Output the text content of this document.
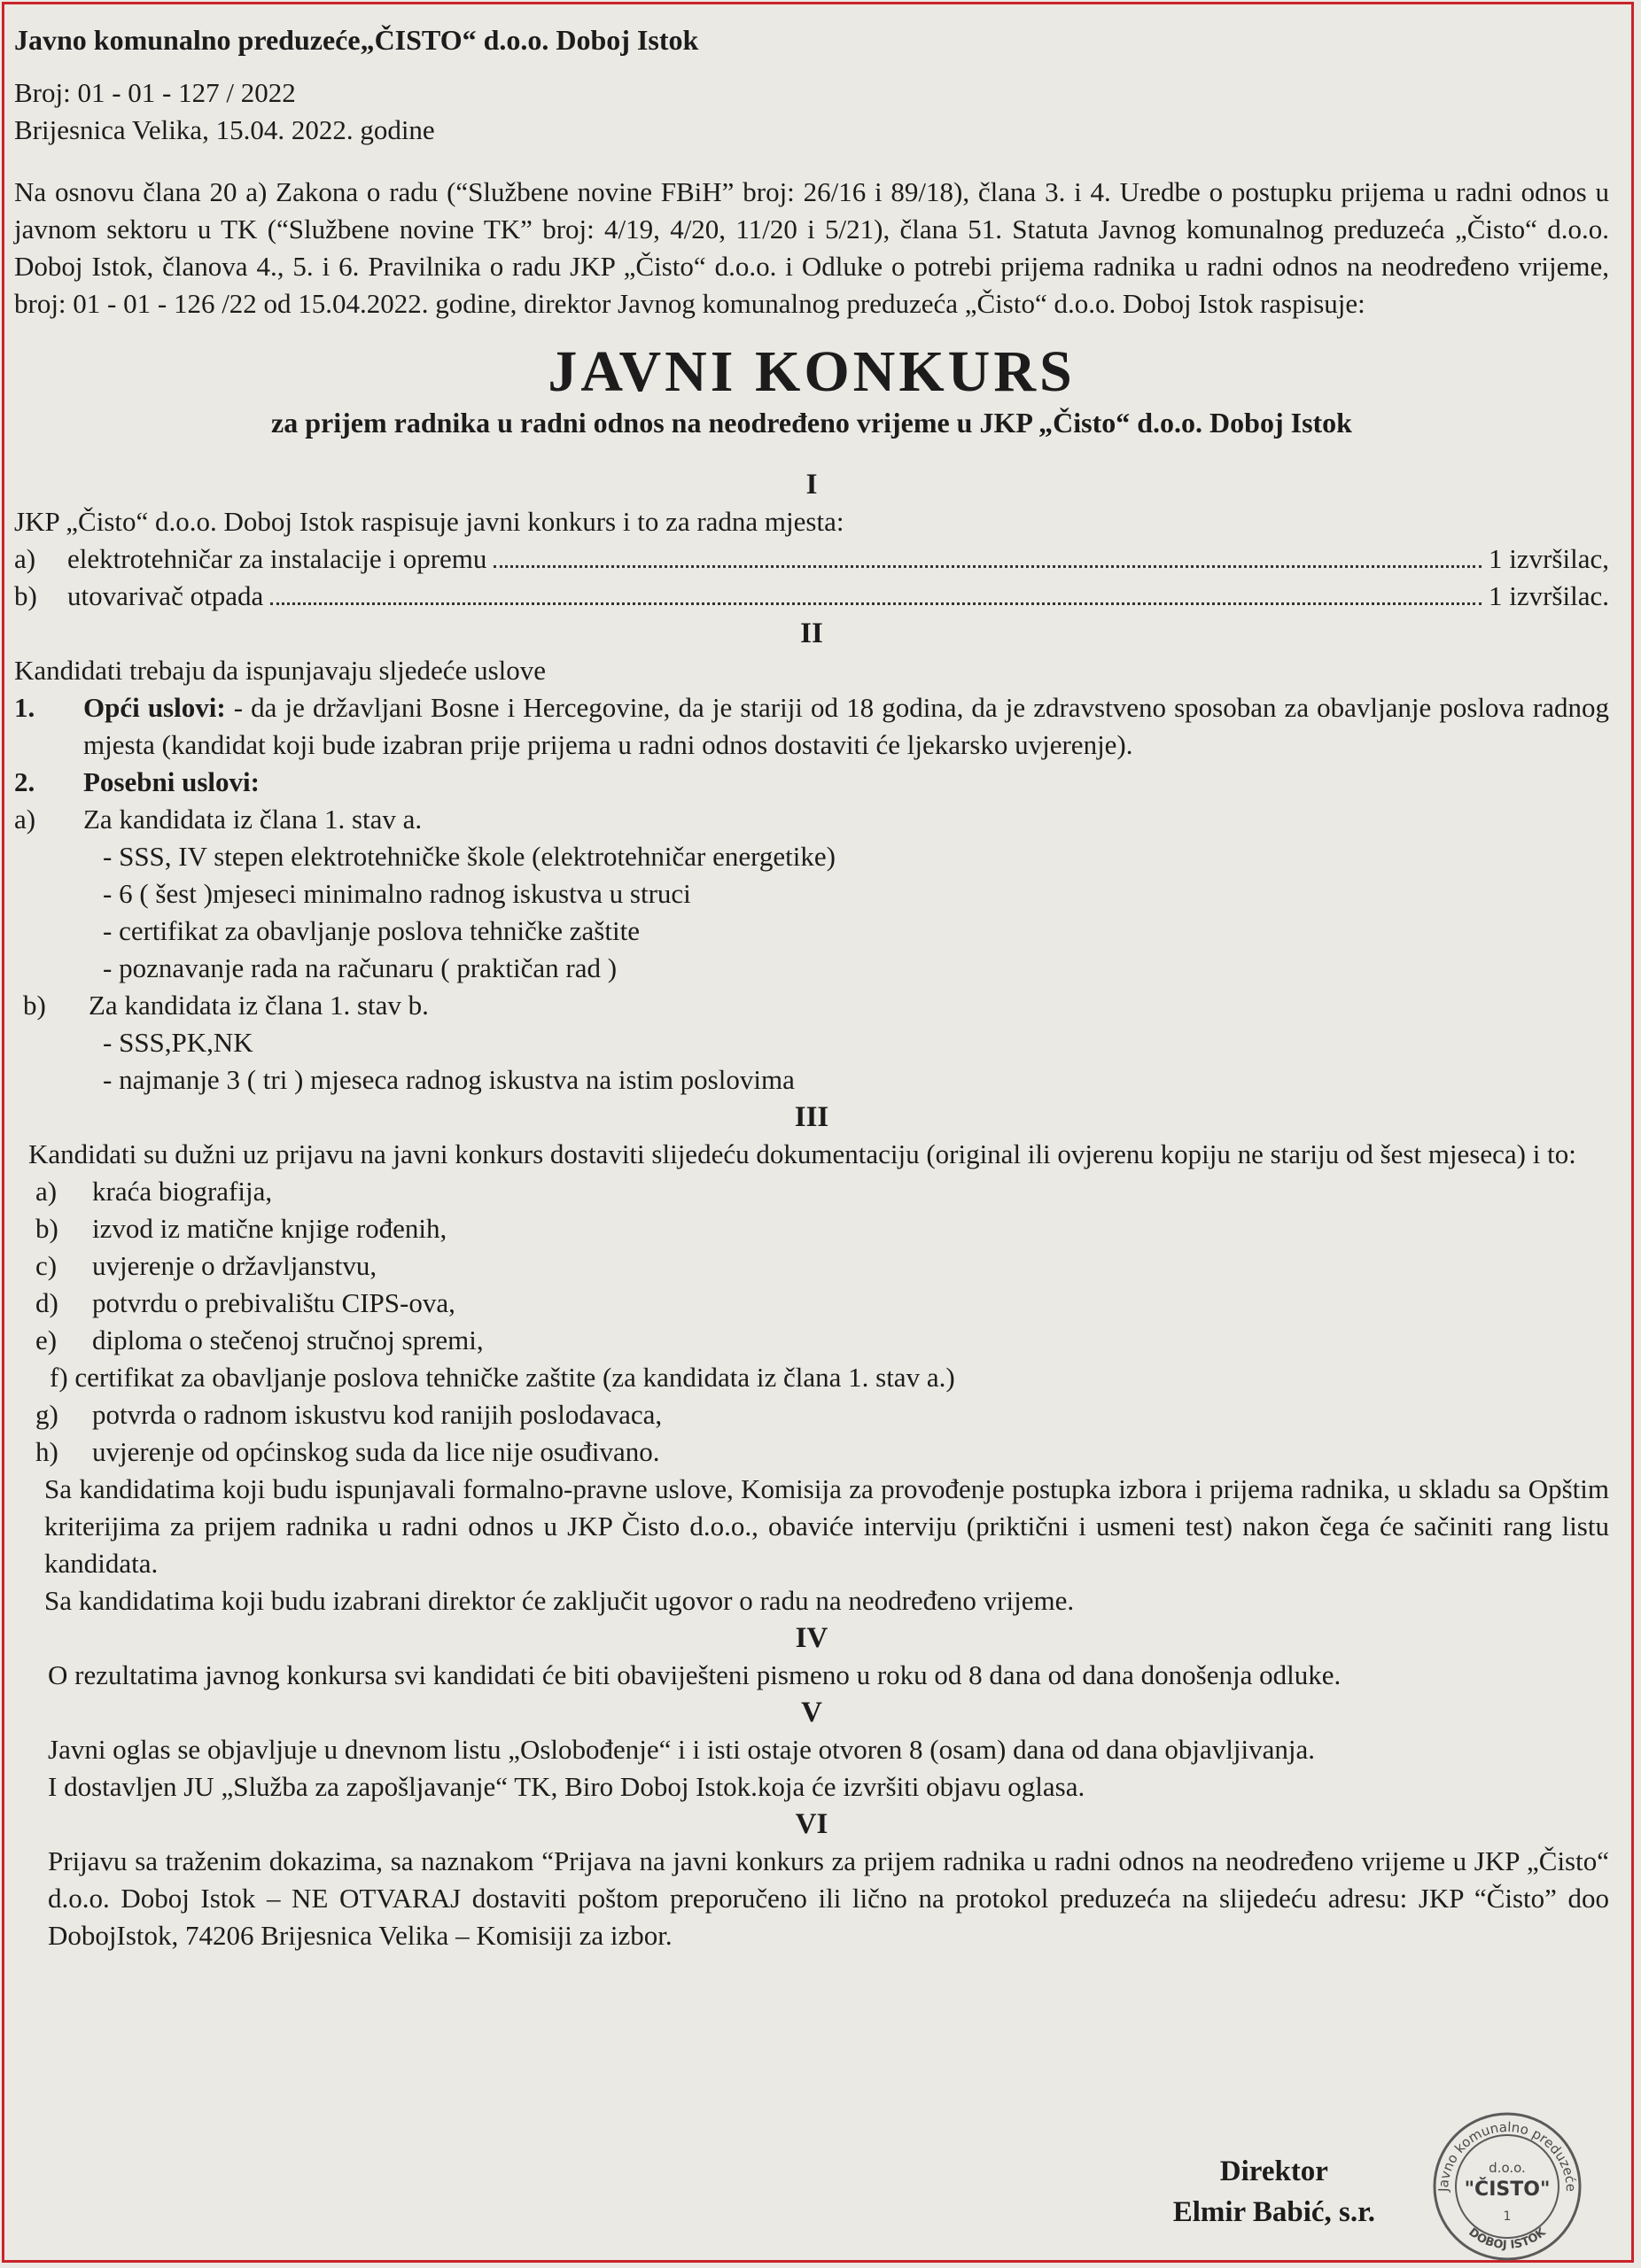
Javno komunalno preduzeće„ČISTO“ d.o.o. Doboj Istok

Broj: 01 - 01 - 127 / 2022

Brijesnica Velika, 15.04. 2022. godine

Na osnovu člana 20 a) Zakona o radu (“Službene novine FBiH” broj: 26/16 i 89/18), člana 3. i 4. Uredbe o postupku prijema u radni odnos u javnom sektoru u TK (“Službene novine TK” broj: 4/19, 4/20, 11/20 i 5/21), člana 51. Statuta Javnog komunalnog preduzeća „Čisto“ d.o.o. Doboj Istok, članova 4., 5. i 6. Pravilnika o radu JKP „Čisto“ d.o.o. i Odluke o potrebi prijema radnika u radni odnos na neodređeno vrijeme, broj: 01 - 01 - 126 /22 od 15.04.2022. godine, direktor Javnog komunalnog preduzeća „Čisto“ d.o.o. Doboj Istok raspisuje:

JAVNI KONKURS

za prijem radnika u radni odnos na neodređeno vrijeme u JKP „Čisto“ d.o.o. Doboj Istok

I

JKP „Čisto“ d.o.o. Doboj Istok raspisuje javni konkurs i to za radna mjesta:

a)	elektrotehničar za instalacije i opremu	1 izvršilac,
b)	utovarivač otpada	1 izvršilac.

II

Kandidati trebaju da ispunjavaju sljedeće uslove

1.	Opći uslovi: - da je državljani Bosne i Hercegovine, da je stariji od 18 godina, da je zdravstveno sposoban za obavljanje poslova radnog mjesta (kandidat koji bude izabran prije prijema u radni odnos dostaviti će ljekarsko uvjerenje).
2.	Posebni uslovi:
a)	Za kandidata iz člana 1. stav a.

- SSS, IV stepen elektrotehničke škole (elektrotehničar energetike)

- 6 ( šest )mjeseci minimalno radnog iskustva u struci

- certifikat za obavljanje poslova tehničke zaštite

- poznavanje rada na računaru ( praktičan rad )

b)	Za kandidata iz člana 1. stav b.

- SSS,PK,NK

- najmanje 3 ( tri ) mjeseca radnog iskustva na istim poslovima

III

Kandidati su dužni uz prijavu na javni konkurs dostaviti slijedeću dokumentaciju (original ili ovjerenu kopiju ne stariju od šest mjeseca) i to:

a)	kraća biografija,
b)	izvod iz matične knjige rođenih,
c)	uvjerenje o državljanstvu,
d)	potvrdu o prebivalištu CIPS-ova,
e)	diploma o stečenoj stručnoj spremi,

f) certifikat za obavljanje poslova tehničke zaštite (za kandidata iz člana 1. stav a.)

g)	potvrda o radnom iskustvu kod ranijih poslodavaca,
h)	uvjerenje od općinskog suda da lice nije osuđivano.

Sa kandidatima koji budu ispunjavali formalno-pravne uslove, Komisija za provođenje postupka izbora i prijema radnika, u skladu sa Opštim kriterijima za prijem radnika u radni odnos u JKP Čisto d.o.o., obaviće interviju (priktični i usmeni test) nakon čega će sačiniti rang listu kandidata.

Sa kandidatima koji budu izabrani direktor će zaključit ugovor o radu na neodređeno vrijeme.

IV

O rezultatima javnog konkursa svi kandidati će biti obaviješteni pismeno u roku od 8 dana od dana donošenja odluke.

V

Javni oglas se objavljuje u dnevnom listu „Oslobođenje“ i i isti ostaje otvoren 8 (osam) dana od dana objavljivanja.

I dostavljen JU „Služba za zapošljavanje“ TK, Biro Doboj Istok.koja će izvršiti objavu oglasa.

VI

Prijavu sa traženim dokazima, sa naznakom “Prijava na javni konkurs za prijem radnika u radni odnos na neodređeno vrijeme u JKP „Čisto“ d.o.o. Doboj Istok – NE OTVARAJ dostaviti poštom preporučeno ili lično na protokol preduzeća na slijedeću adresu: JKP “Čisto” doo DobojIstok, 74206 Brijesnica Velika – Komisiji za izbor.

Direktor
Elmir Babić, s.r.
Javno komunalno preduzeće
d.o.o.
"ČISTO"
1
DOBOJ ISTOK
